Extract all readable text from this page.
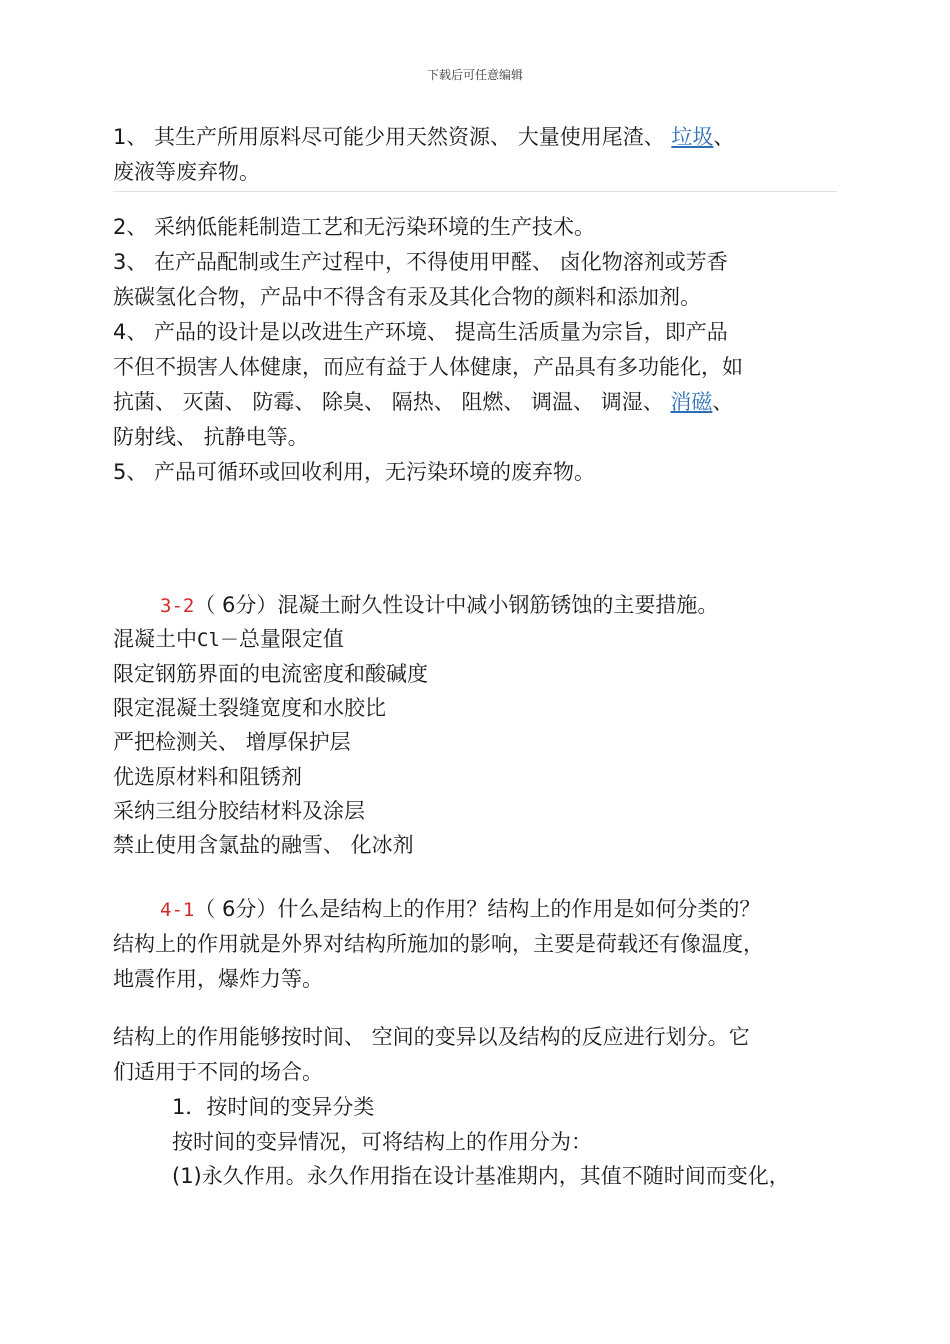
下载后可任意编辑
1、 其生产所用原料尽可能少用天然资源、 大量使用尾渣、 垃圾、
废液等废弃物。
2、 采纳低能耗制造工艺和无污染环境的生产技术。
3、 在产品配制或生产过程中，不得使用甲醛、 卤化物溶剂或芳香
族碳氢化合物，产品中不得含有汞及其化合物的颜料和添加剂。
4、 产品的设计是以改进生产环境、 提高生活质量为宗旨，即产品
不但不损害人体健康，而应有益于人体健康，产品具有多功能化，如
抗菌、 灭菌、 防霉、 除臭、 隔热、 阻燃、 调温、 调湿、 消磁、
防射线、 抗静电等。
5、 产品可循环或回收利用，无污染环境的废弃物。
3-2（ 6分）混凝土耐久性设计中减小钢筋锈蚀的主要措施。
混凝土中Cl－总量限定值
限定钢筋界面的电流密度和酸碱度
限定混凝土裂缝宽度和水胶比
严把检测关、 增厚保护层
优选原材料和阻锈剂
采纳三组分胶结材料及涂层
禁止使用含氯盐的融雪、 化冰剂
4-1（ 6分）什么是结构上的作用？结构上的作用是如何分类的？
结构上的作用就是外界对结构所施加的影响，主要是荷载还有像温度，
地震作用，爆炸力等。
结构上的作用能够按时间、 空间的变异以及结构的反应进行划分。它
们适用于不同的场合。
1．按时间的变异分类
按时间的变异情况，可将结构上的作用分为：
(1)永久作用。永久作用指在设计基准期内，其值不随时间而变化，
